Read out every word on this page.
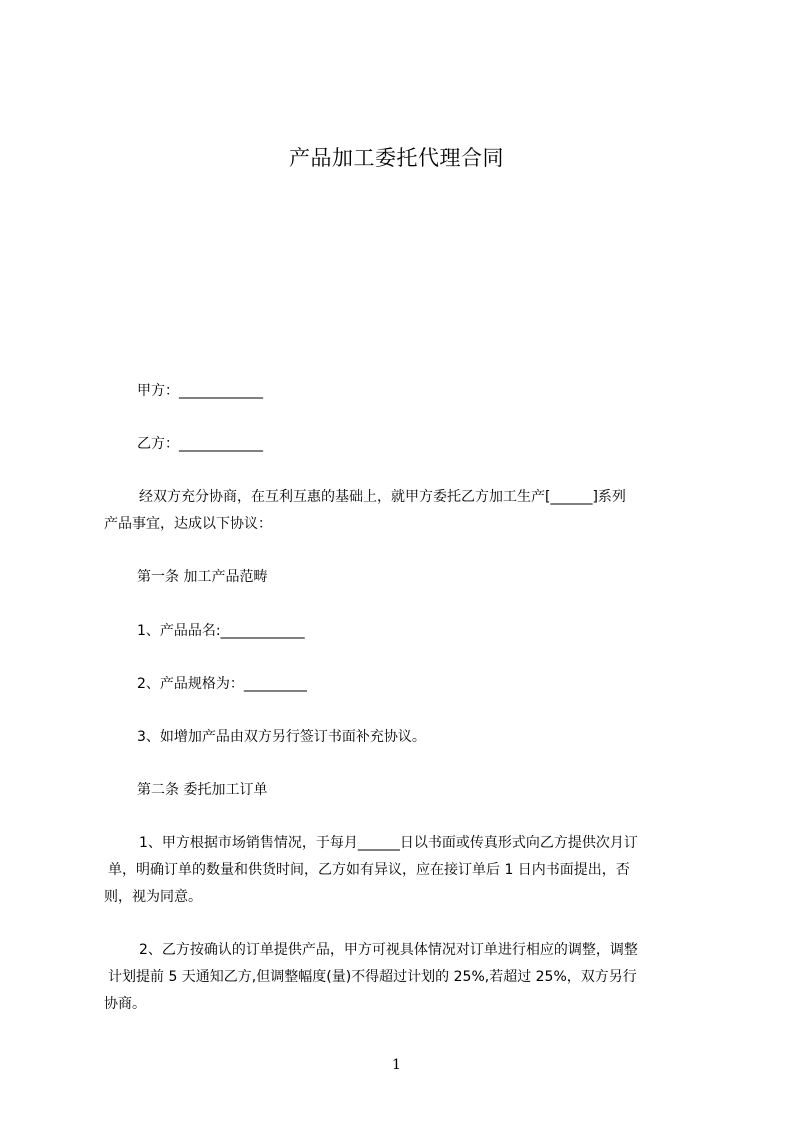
产品加工委托代理合同
甲方：____________
乙方：____________
经双方充分协商，在互利互惠的基础上，就甲方委托乙方加工生产[______]系列
产品事宜，达成以下协议：
第一条 加工产品范畴
1、产品品名:____________
2、产品规格为：_________
3、如增加产品由双方另行签订书面补充协议。
第二条 委托加工订单
1、甲方根据市场销售情况，于每月______日以书面或传真形式向乙方提供次月订
单，明确订单的数量和供货时间，乙方如有异议，应在接订单后 1 日内书面提出，否
则，视为同意。
2、乙方按确认的订单提供产品，甲方可视具体情况对订单进行相应的调整，调整
计划提前 5 天通知乙方,但调整幅度(量)不得超过计划的 25%,若超过 25%，双方另行
协商。
1
